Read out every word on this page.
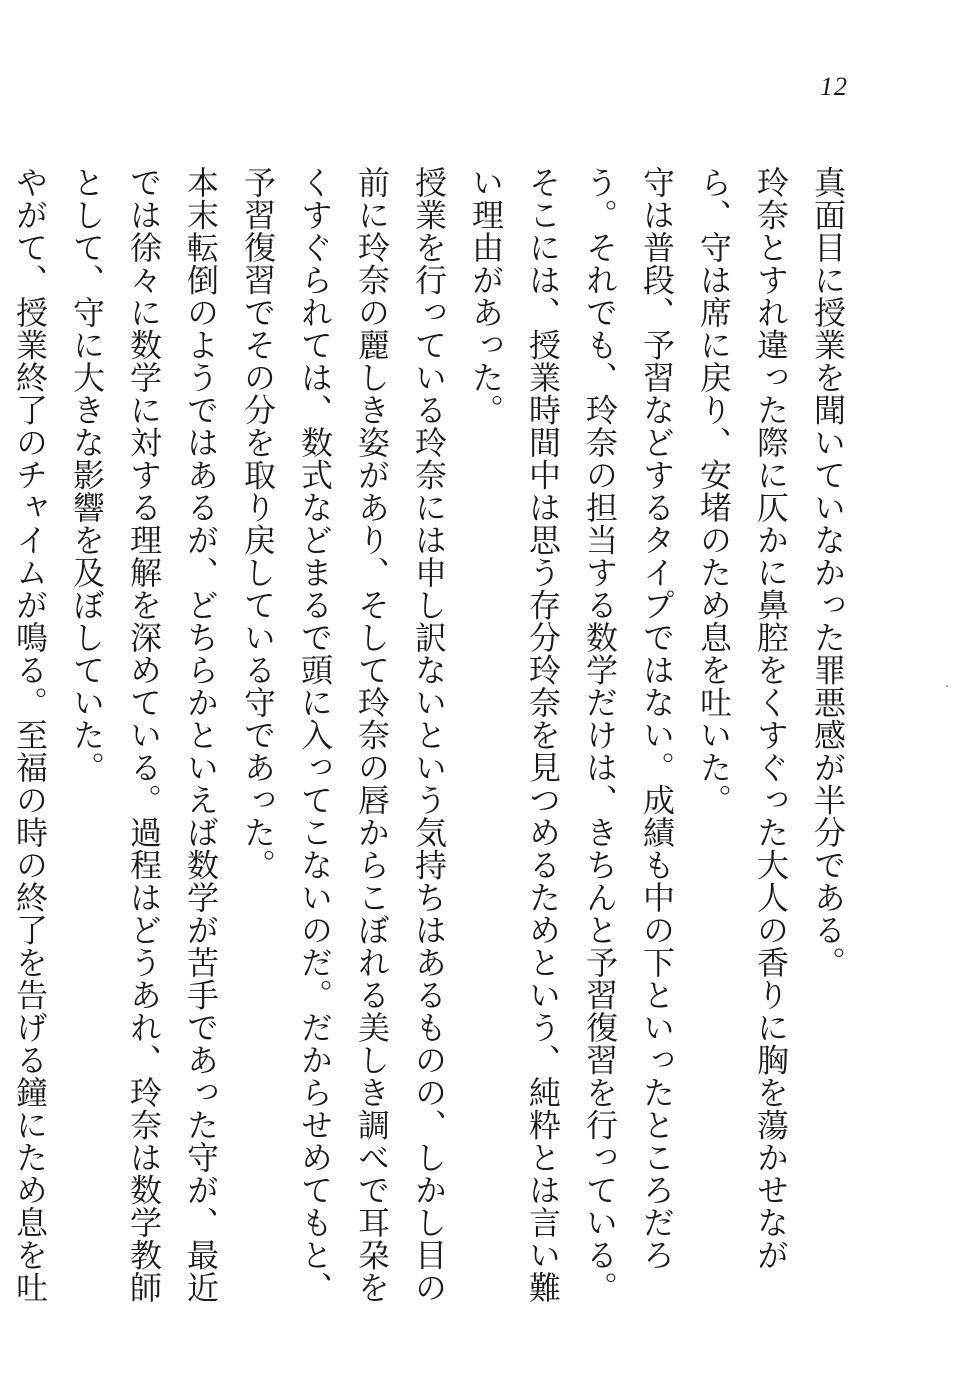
12

真面目に授業を聞いていなかった罪悪感が半分である。

玲奈とすれ違った際に仄かに鼻腔をくすぐった大人の香りに胸を蕩かせながら、守は席に戻り、安堵のため息を吐いた。

守は普段、予習などするタイプではない。成績も中の下といったところだろう。それでも、玲奈の担当する数学だけは、きちんと予習復習を行っている。そこには、授業時間中は思う存分玲奈を見つめるためという、純粋とは言い難い理由があった。

授業を行っている玲奈には申し訳ないという気持ちはあるものの、しかし目の前に玲奈の麗しき姿があり、そして玲奈の唇からこぼれる美しき調べで耳朶をくすぐられては、数式などまるで頭に入ってこないのだ。だからせめてもと、予習復習でその分を取り戻している守であった。

本末転倒のようではあるが、どちらかといえば数学が苦手であった守が、最近では徐々に数学に対する理解を深めている。過程はどうあれ、玲奈は数学教師として、守に大きな影響を及ぼしていた。

やがて、授業終了のチャイムが鳴る。至福の時の終了を告げる鐘にため息を吐
